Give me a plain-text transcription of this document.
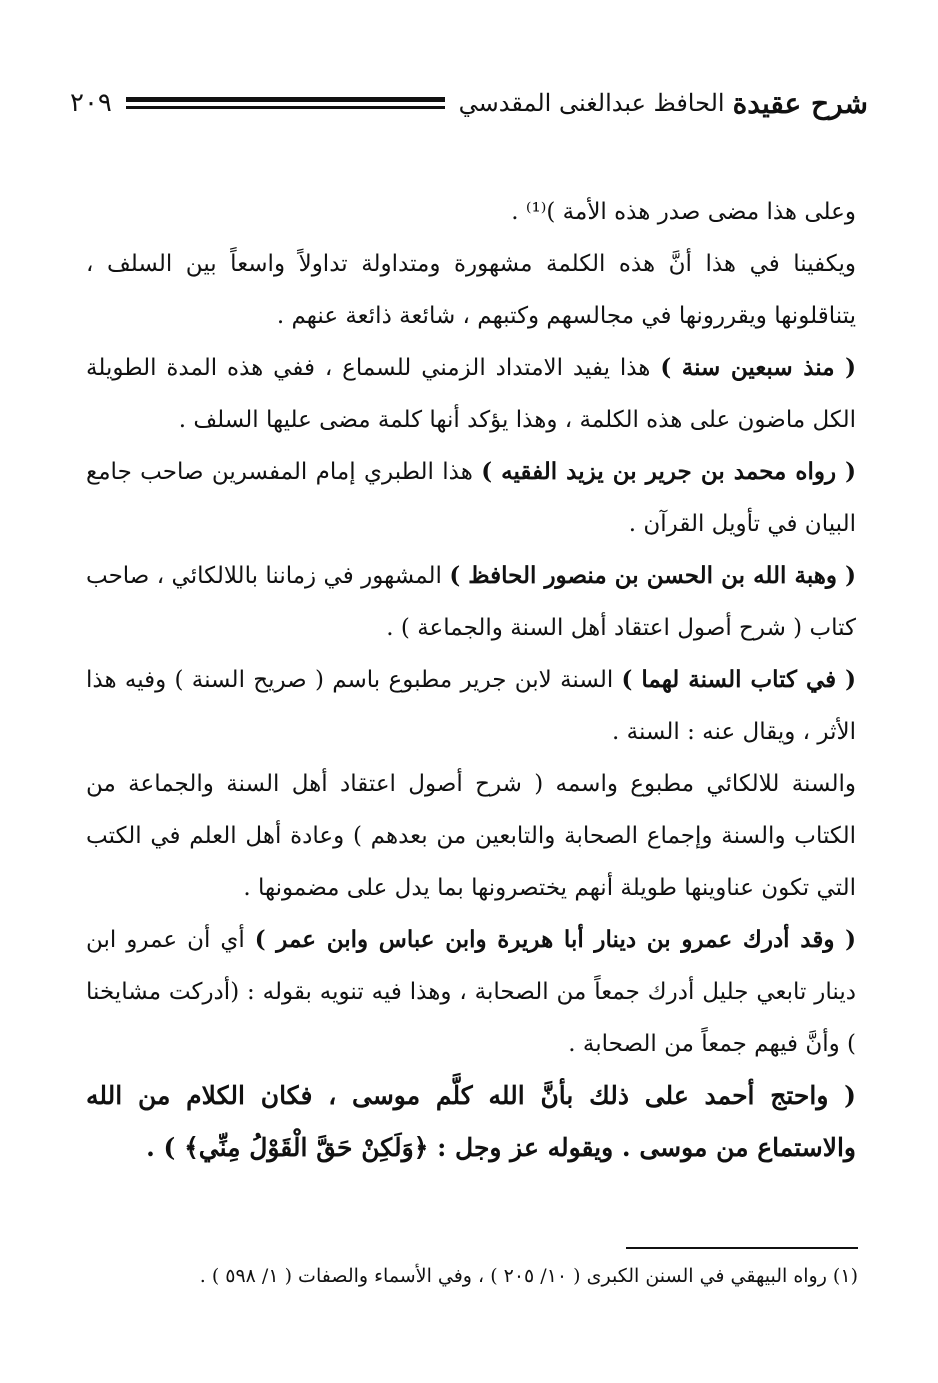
شرح عقيدة
الحافظ عبدالغنى المقدسي
٢٠٩

وعلى هذا مضى صدر هذه الأمة )⁽¹⁾ .

ويكفينا في هذا أنَّ هذه الكلمة مشهورة ومتداولة تداولاً واسعاً بين السلف ، يتناقلونها ويقررونها في مجالسهم وكتبهم ، شائعة ذائعة عنهم .

( منذ سبعين سنة ) هذا يفيد الامتداد الزمني للسماع ، ففي هذه المدة الطويلة الكل ماضون على هذه الكلمة ، وهذا يؤكد أنها كلمة مضى عليها السلف .

( رواه محمد بن جرير بن يزيد الفقيه ) هذا الطبري إمام المفسرين صاحب جامع البيان في تأويل القرآن .

( وهبة الله بن الحسن بن منصور الحافظ ) المشهور في زماننا باللالكائي ، صاحب كتاب ( شرح أصول اعتقاد أهل السنة والجماعة ) .

( في كتاب السنة لهما ) السنة لابن جرير مطبوع باسم ( صريح السنة ) وفيه هذا الأثر ، ويقال عنه : السنة .

والسنة للالكائي مطبوع واسمه ( شرح أصول اعتقاد أهل السنة والجماعة من الكتاب والسنة وإجماع الصحابة والتابعين من بعدهم ) وعادة أهل العلم في الكتب التي تكون عناوينها طويلة أنهم يختصرونها بما يدل على مضمونها .

( وقد أدرك عمرو بن دينار أبا هريرة وابن عباس وابن عمر ) أي أن عمرو ابن دينار تابعي جليل أدرك جمعاً من الصحابة ، وهذا فيه تنويه بقوله : (أدركت مشايخنا ) وأنَّ فيهم جمعاً من الصحابة .

( واحتج أحمد على ذلك بأنَّ الله كلَّم موسى ، فكان الكلام من الله والاستماع من موسى . ويقوله عز وجل : ﴿وَلَكِنْ حَقَّ الْقَوْلُ مِنِّي﴾ ) .

(١) رواه البيهقي في السنن الكبرى ( ١٠/ ٢٠٥ ) ، وفي الأسماء والصفات ( ١/ ٥٩٨ ) .
